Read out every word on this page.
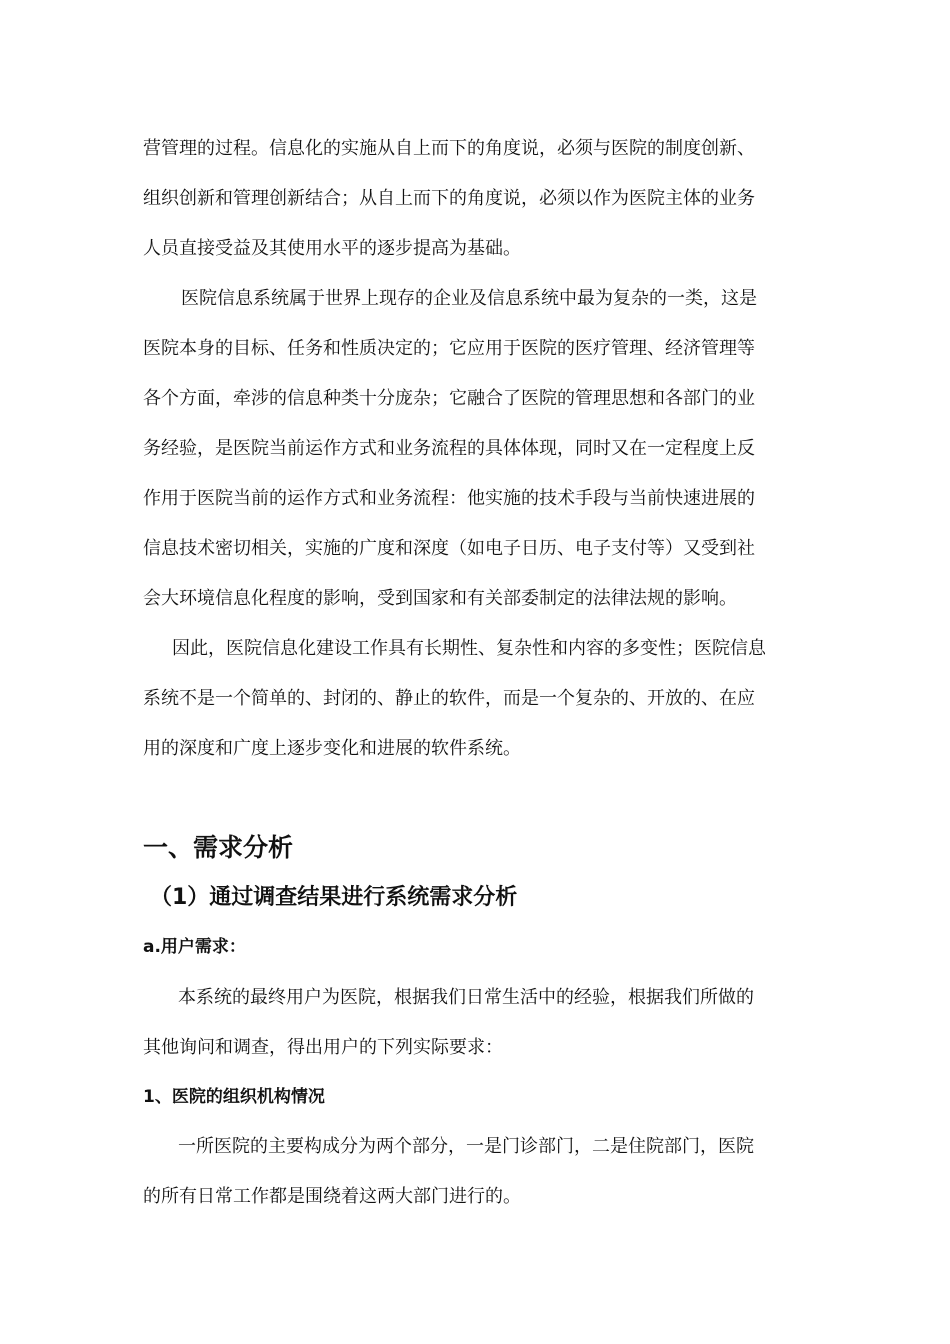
营管理的过程。信息化的实施从自上而下的角度说，必须与医院的制度创新、
组织创新和管理创新结合；从自上而下的角度说，必须以作为医院主体的业务
人员直接受益及其使用水平的逐步提高为基础。
医院信息系统属于世界上现存的企业及信息系统中最为复杂的一类，这是
医院本身的目标、任务和性质决定的；它应用于医院的医疗管理、经济管理等
各个方面，牵涉的信息种类十分庞杂；它融合了医院的管理思想和各部门的业
务经验，是医院当前运作方式和业务流程的具体体现，同时又在一定程度上反
作用于医院当前的运作方式和业务流程：他实施的技术手段与当前快速进展的
信息技术密切相关，实施的广度和深度（如电子日历、电子支付等）又受到社
会大环境信息化程度的影响，受到国家和有关部委制定的法律法规的影响。
因此，医院信息化建设工作具有长期性、复杂性和内容的多变性；医院信息
系统不是一个简单的、封闭的、静止的软件，而是一个复杂的、开放的、在应
用的深度和广度上逐步变化和进展的软件系统。
一、需求分析
（1）通过调查结果进行系统需求分析
a.用户需求：
本系统的最终用户为医院，根据我们日常生活中的经验，根据我们所做的
其他询问和调查，得出用户的下列实际要求：
1、医院的组织机构情况
一所医院的主要构成分为两个部分，一是门诊部门，二是住院部门，医院
的所有日常工作都是围绕着这两大部门进行的。
